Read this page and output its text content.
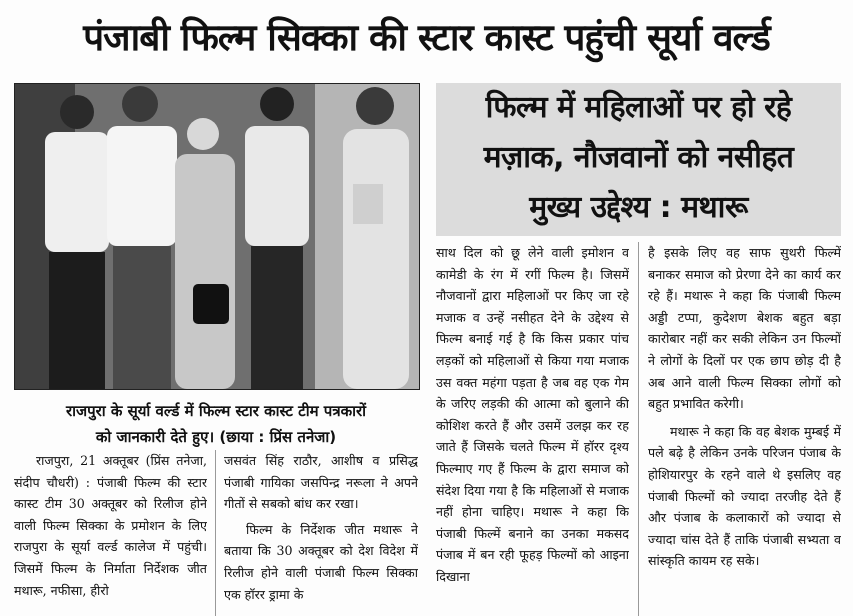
पंजाबी फिल्म सिक्का की स्टार कास्ट पहुंची सूर्या वर्ल्ड
राजपुरा के सूर्या वर्ल्ड में फिल्म स्टार कास्ट टीम पत्रकारों
को जानकारी देते हुए। (छाया : प्रिंस तनेजा)

राजपुरा, 21 अक्तूबर (प्रिंस तनेजा, संदीप चौधरी) : पंजाबी फिल्म की स्टार कास्ट टीम 30 अक्तूबर को रिलीज होने वाली फिल्म सिक्का के प्रमोशन के लिए राजपुरा के सूर्या वर्ल्ड कालेज में पहुंची। जिसमें फिल्म के निर्माता निर्देशक जीत मथारू, नफीसा, हीरो

जसवंत सिंह राठौर, आशीष व प्रसिद्ध पंजाबी गायिका जसपिन्द्र नरूला ने अपने गीतों से सबको बांध कर रखा।

फिल्म के निर्देशक जीत मथारू ने बताया कि 30 अक्तूबर को देश विदेश में रिलीज होने वाली पंजाबी फिल्म सिक्का एक हॉरर ड्रामा के

फिल्म में महिलाओं पर हो रहे
मज़ाक, नौजवानों को नसीहत
मुख्य उद्देश्य : मथारू

साथ दिल को छू लेने वाली इमोशन व कामेडी के रंग में रगीं फिल्म है। जिसमें नौजवानों द्वारा महिलाओं पर किए जा रहे मजाक व उन्हें नसीहत देने के उद्देश्य से फिल्म बनाई गई है कि किस प्रकार पांच लड़कों को महिलाओं से किया गया मजाक उस वक्त महंगा पड़ता है जब वह एक गेम के जरिए लड़की की आत्मा को बुलाने की कोशिश करते हैं और उसमें उलझ कर रह जाते हैं जिसके चलते फिल्म में हॉरर दृश्य फिल्माए गए हैं फिल्म के द्वारा समाज को संदेश दिया गया है कि महिलाओं से मजाक नहीं होना चाहिए। मथारू ने कहा कि पंजाबी फिल्में बनाने का उनका मकसद पंजाब में बन रही फूहड़ फिल्मों को आइना दिखाना

है इसके लिए वह साफ सुथरी फिल्में बनाकर समाज को प्रेरणा देने का कार्य कर रहे हैं। मथारू ने कहा कि पंजाबी फिल्म अड्डी टप्पा, कुदेशण बेशक बहुत बड़ा कारोबार नहीं कर सकी लेकिन उन फिल्मों ने लोगों के दिलों पर एक छाप छोड़ दी है अब आने वाली फिल्म सिक्का लोगों को बहुत प्रभावित करेगी।

मथारू ने कहा कि वह बेशक मुम्बई में पले बढ़े है लेकिन उनके परिजन पंजाब के होशियारपुर के रहने वाले थे इसलिए वह पंजाबी फिल्मों को ज्यादा तरजीह देते हैं और पंजाब के कलाकारों को ज्यादा से ज्यादा चांस देते हैं ताकि पंजाबी सभ्यता व सांस्कृति कायम रह सके।
